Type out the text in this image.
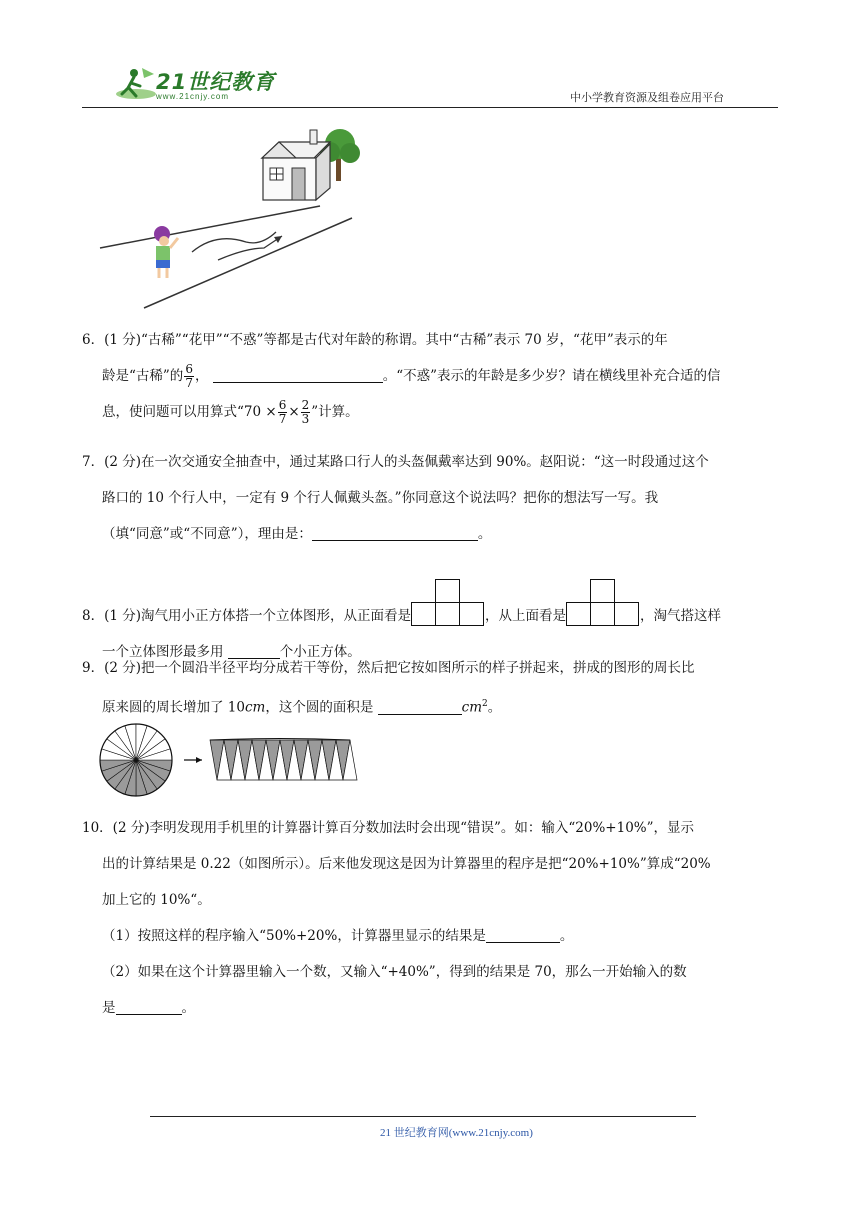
21世纪教育
www.21cnjy.com	中小学教育资源及组卷应用平台
6．(1 分)“古稀”“花甲”“不惑”等都是古代对年龄的称谓。其中“古稀”表示 70 岁，“花甲”表示的年
龄是“古稀”的 $\frac{6}{7}$ ，	。“不惑”表示的年龄是多少岁？请在横线里补充合适的信
息，使问题可以用算式“$70 \times \frac{6}{7} \times \frac{2}{3}$ ”计算。
7．(2 分)在一次交通安全抽查中，通过某路口行人的头盔佩戴率达到 90%。赵阳说：“这一时段通过这个
路口的 10 个行人中，一定有 9 个行人佩戴头盔。”你同意这个说法吗？把你的想法写一写。我
（填“同意”或“不同意”），理由是：	。
8．(1 分)淘气用小正方体搭一个立体图形，从正面看是	，从上面看是	，淘气搭这样
一个立体图形最多用	个小正方体。
9．(2 分)把一个圆沿半径平均分成若干等份，然后把它按如图所示的样子拼起来，拼成的图形的周长比
原来圆的周长增加了 10cm，这个圆的面积是	$cm^2$。
10．(2 分)李明发现用手机里的计算器计算百分数加法时会出现“错误”。如：输入“20%+10%”，显示
出的计算结果是 0.22（如图所示）。后来他发现这是因为计算器里的程序是把“20%+10%”算成“20%
加上它的 10%“。
（1）按照这样的程序输入“50%+20%，计算器里显示的结果是	。
（2）如果在这个计算器里输入一个数，又输入“+40%”，得到的结果是 70，那么一开始输入的数
是	。
21 世纪教育网(www.21cnjy.com)
